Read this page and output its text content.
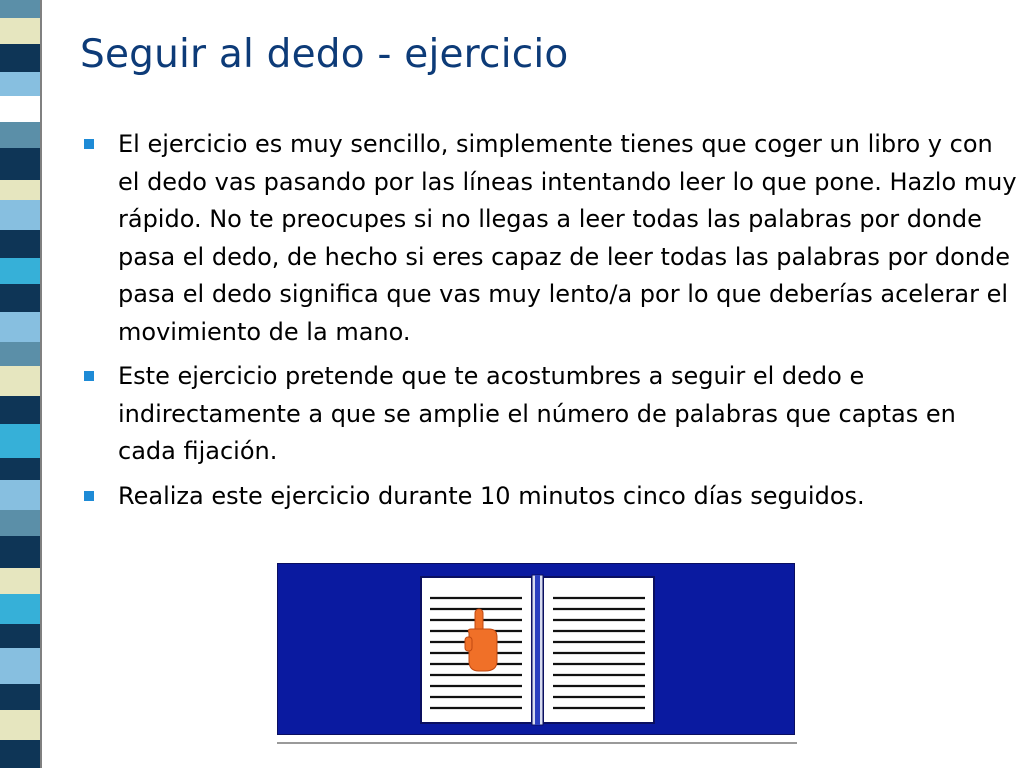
Seguir al dedo - ejercicio
El ejercicio es muy sencillo, simplemente tienes que coger un libro y con el dedo vas pasando por las líneas intentando leer lo que pone. Hazlo muy rápido. No te preocupes si no llegas a leer todas las palabras por donde pasa el dedo, de hecho si eres capaz de leer todas las palabras por donde pasa el dedo significa que vas muy lento/a por lo que deberías acelerar el movimiento de la mano.
Este ejercicio pretende que te acostumbres a seguir el dedo e indirectamente a que se amplie el número de palabras que captas en cada fijación.
Realiza este ejercicio durante 10 minutos cinco días seguidos.
